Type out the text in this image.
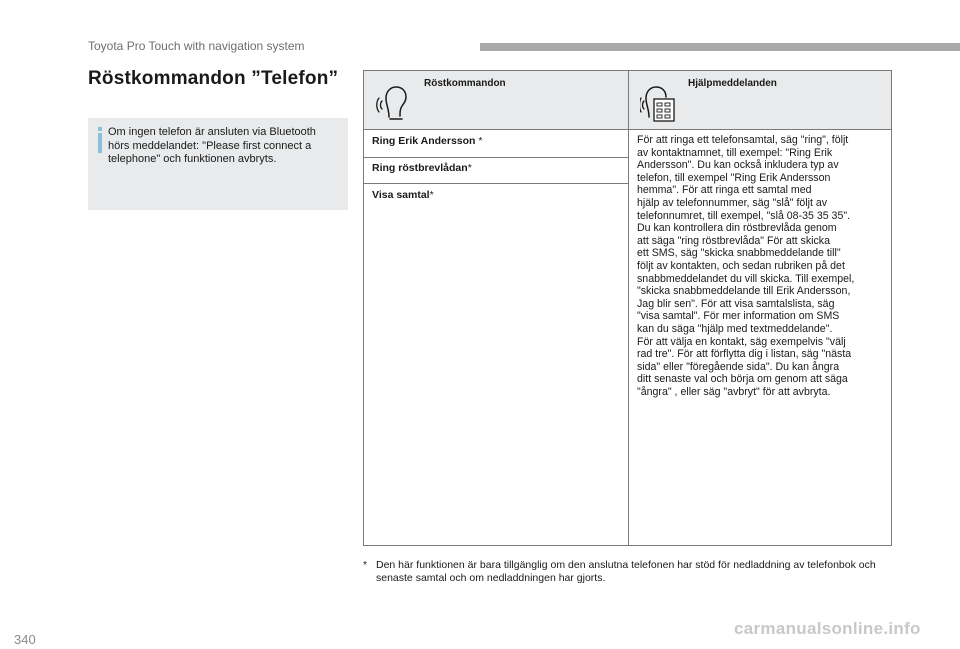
Toyota Pro Touch with navigation system
Röstkommandon ”Telefon”

Om ingen telefon är ansluten via Bluetooth hörs meddelandet: "Please first connect a telephone" och funktionen avbryts.

Röstkommandon	Hjälpmeddelanden
Ring Erik Andersson *
Ring röstbrevlådan*
Visa samtal*
För att ringa ett telefonsamtal, säg "ring", följt
av kontaktnamnet, till exempel: "Ring Erik
Andersson". Du kan också inkludera typ av
telefon, till exempel "Ring Erik Andersson
hemma". För att ringa ett samtal med
hjälp av telefonnummer, säg "slå" följt av
telefonnumret, till exempel, "slå 08-35 35 35".
Du kan kontrollera din röstbrevlåda genom
att säga "ring röstbrevlåda" För att skicka
ett SMS, säg "skicka snabbmeddelande till"
följt av kontakten, och sedan rubriken på det
snabbmeddelandet du vill skicka. Till exempel,
"skicka snabbmeddelande till Erik Andersson,
Jag blir sen". För att visa samtalslista, säg
"visa samtal". För mer information om SMS
kan du säga "hjälp med textmeddelande".
För att välja en kontakt, säg exempelvis "välj
rad tre". För att förflytta dig i listan, säg "nästa
sida" eller "föregående sida". Du kan ångra
ditt senaste val och börja om genom att säga
"ångra" , eller säg "avbryt" för att avbryta.
* Den här funktionen är bara tillgänglig om den anslutna telefonen har stöd för nedladdning av telefonbok och senaste samtal och om nedladdningen har gjorts.
340
carmanualsonline.info
